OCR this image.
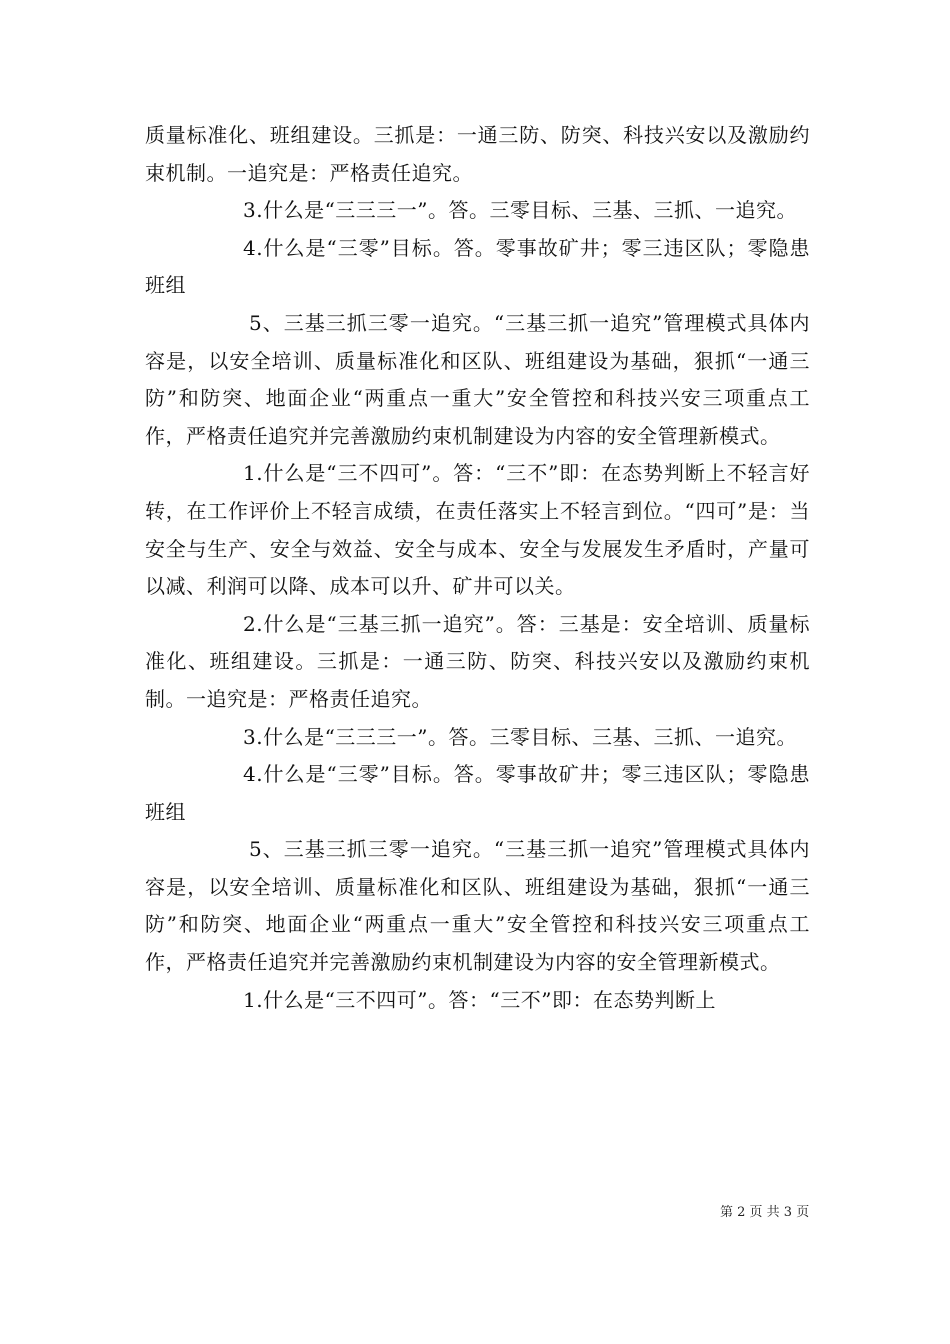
质量标准化、班组建设。三抓是：一通三防、防突、科技兴安以及激励约束机制。一追究是：严格责任追究。

3.什么是“三三三一”。答。三零目标、三基、三抓、一追究。

4.什么是“三零”目标。答。零事故矿井；零三违区队；零隐患班组

5、三基三抓三零一追究。“三基三抓一追究”管理模式具体内容是，以安全培训、质量标准化和区队、班组建设为基础，狠抓“一通三防”和防突、地面企业“两重点一重大”安全管控和科技兴安三项重点工作，严格责任追究并完善激励约束机制建设为内容的安全管理新模式。

1.什么是“三不四可”。答：“三不”即：在态势判断上不轻言好转，在工作评价上不轻言成绩，在责任落实上不轻言到位。“四可”是：当安全与生产、安全与效益、安全与成本、安全与发展发生矛盾时，产量可以减、利润可以降、成本可以升、矿井可以关。

2.什么是“三基三抓一追究”。答：三基是：安全培训、质量标准化、班组建设。三抓是：一通三防、防突、科技兴安以及激励约束机制。一追究是：严格责任追究。

3.什么是“三三三一”。答。三零目标、三基、三抓、一追究。

4.什么是“三零”目标。答。零事故矿井；零三违区队；零隐患班组

5、三基三抓三零一追究。“三基三抓一追究”管理模式具体内容是，以安全培训、质量标准化和区队、班组建设为基础，狠抓“一通三防”和防突、地面企业“两重点一重大”安全管控和科技兴安三项重点工作，严格责任追究并完善激励约束机制建设为内容的安全管理新模式。

1.什么是“三不四可”。答：“三不”即：在态势判断上

第 2 页 共 3 页
